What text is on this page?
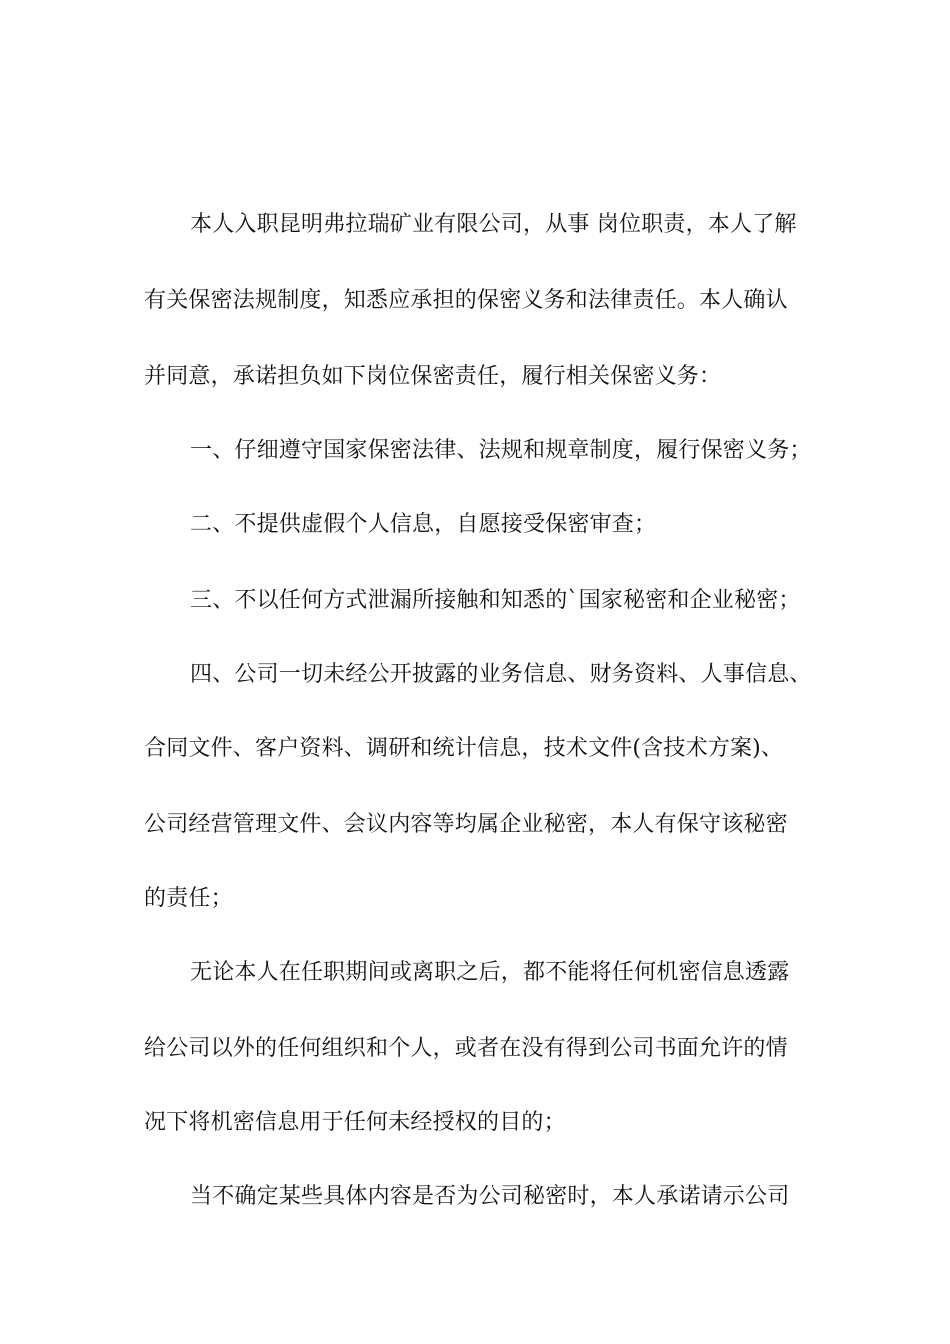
本人入职昆明弗拉瑞矿业有限公司，从事 岗位职责，本人了解
有关保密法规制度，知悉应承担的保密义务和法律责任。本人确认
并同意，承诺担负如下岗位保密责任，履行相关保密义务：
一、仔细遵守国家保密法律、法规和规章制度，履行保密义务；
二、不提供虚假个人信息，自愿接受保密审查；
三、不以任何方式泄漏所接触和知悉的`国家秘密和企业秘密；
四、公司一切未经公开披露的业务信息、财务资料、人事信息、
合同文件、客户资料、调研和统计信息，技术文件(含技术方案)、
公司经营管理文件、会议内容等均属企业秘密，本人有保守该秘密
的责任；
无论本人在任职期间或离职之后，都不能将任何机密信息透露
给公司以外的任何组织和个人，或者在没有得到公司书面允许的情
况下将机密信息用于任何未经授权的目的；
当不确定某些具体内容是否为公司秘密时，本人承诺请示公司
